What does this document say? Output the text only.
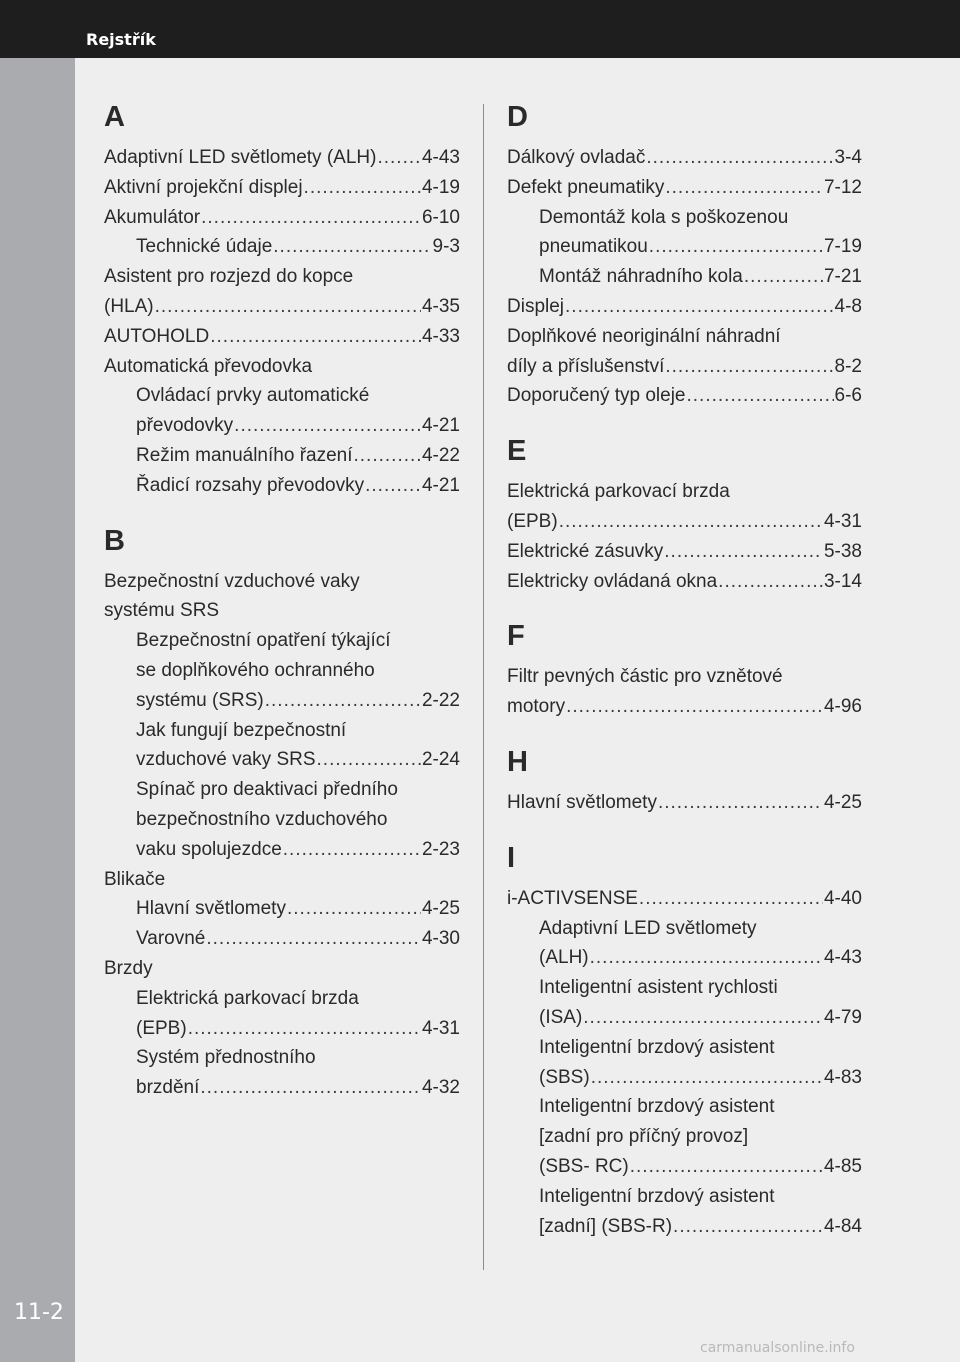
Rejstřík
11-2
A
Adaptivní LED světlomety (ALH) ..... 4-43
Aktivní projekční displej .....	4-19
Akumulátor .....	6-10
Technické údaje .....	9-3
Asistent pro rozjezd do kopce
(HLA) .....	4-35
AUTOHOLD .....	4-33
Automatická převodovka
Ovládací prvky automatické
převodovky .....	4-21
Režim manuálního řazení .....	4-22
Řadicí rozsahy převodovky .....	4-21
B
Bezpečnostní vzduchové vaky
systému SRS
Bezpečnostní opatření týkající
se doplňkového ochranného
systému (SRS) .....	2-22
Jak fungují bezpečnostní
vzduchové vaky SRS .....	2-24
Spínač pro deaktivaci předního
bezpečnostního vzduchového
vaku spolujezdce .....	2-23
Blikače
Hlavní světlomety .....	4-25
Varovné .....	4-30
Brzdy
Elektrická parkovací brzda
(EPB) .....	4-31
Systém přednostního
brzdění .....	4-32
D
Dálkový ovladač .....	3-4
Defekt pneumatiky .....	7-12
Demontáž kola s poškozenou
pneumatikou .....	7-19
Montáž náhradního kola .....	7-21
Displej .....	4-8
Doplňkové neoriginální náhradní
díly a příslušenství .....	8-2
Doporučený typ oleje .....	6-6
E
Elektrická parkovací brzda
(EPB) .....	4-31
Elektrické zásuvky .....	5-38
Elektricky ovládaná okna .....	3-14
F
Filtr pevných částic pro vznětové
motory .....	4-96
H
Hlavní světlomety .....	4-25
I
i-ACTIVSENSE .....	4-40
Adaptivní LED světlomety
(ALH) .....	4-43
Inteligentní asistent rychlosti
(ISA) .....	4-79
Inteligentní brzdový asistent
(SBS) .....	4-83
Inteligentní brzdový asistent
[zadní pro příčný provoz]
(SBS- RC) .....	4-85
Inteligentní brzdový asistent
[zadní] (SBS-R) .....	4-84
carmanualsonline.info
